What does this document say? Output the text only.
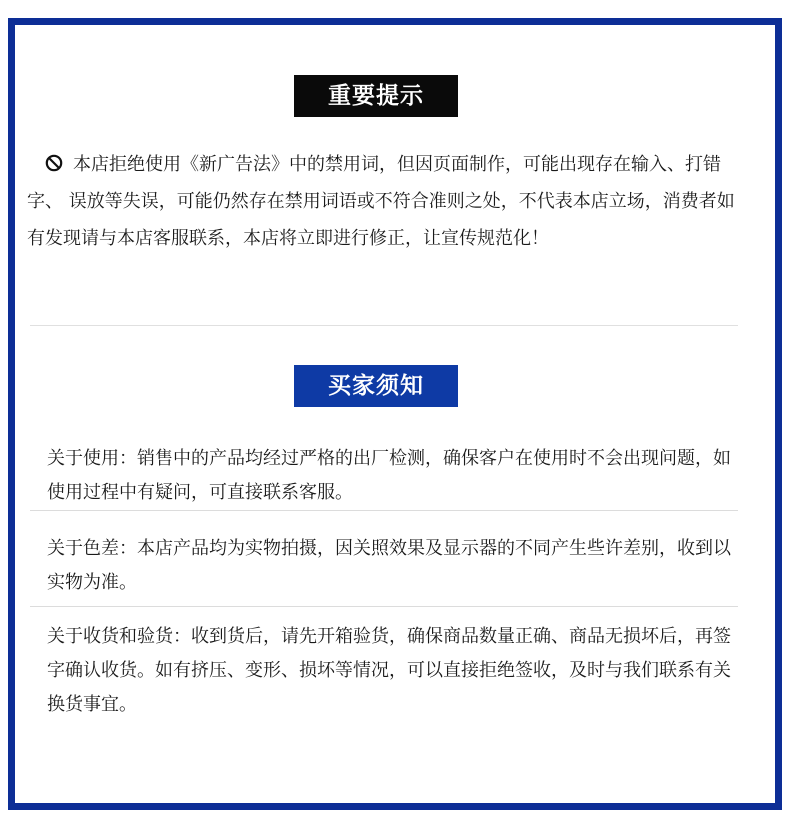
重要提示
本店拒绝使用《新广告法》中的禁用词，但因页面制作，可能出现存在输入、打错字、 误放等失误，可能仍然存在禁用词语或不符合准则之处，不代表本店立场，消费者如有发现请与本店客服联系，本店将立即进行修正，让宣传规范化！
买家须知
关于使用：销售中的产品均经过严格的出厂检测，确保客户在使用时不会出现问题，如使用过程中有疑问，可直接联系客服。
关于色差：本店产品均为实物拍摄，因关照效果及显示器的不同产生些许差别，收到以实物为准。
关于收货和验货：收到货后，请先开箱验货，确保商品数量正确、商品无损坏后，再签字确认收货。如有挤压、变形、损坏等情况，可以直接拒绝签收，及时与我们联系有关换货事宜。
